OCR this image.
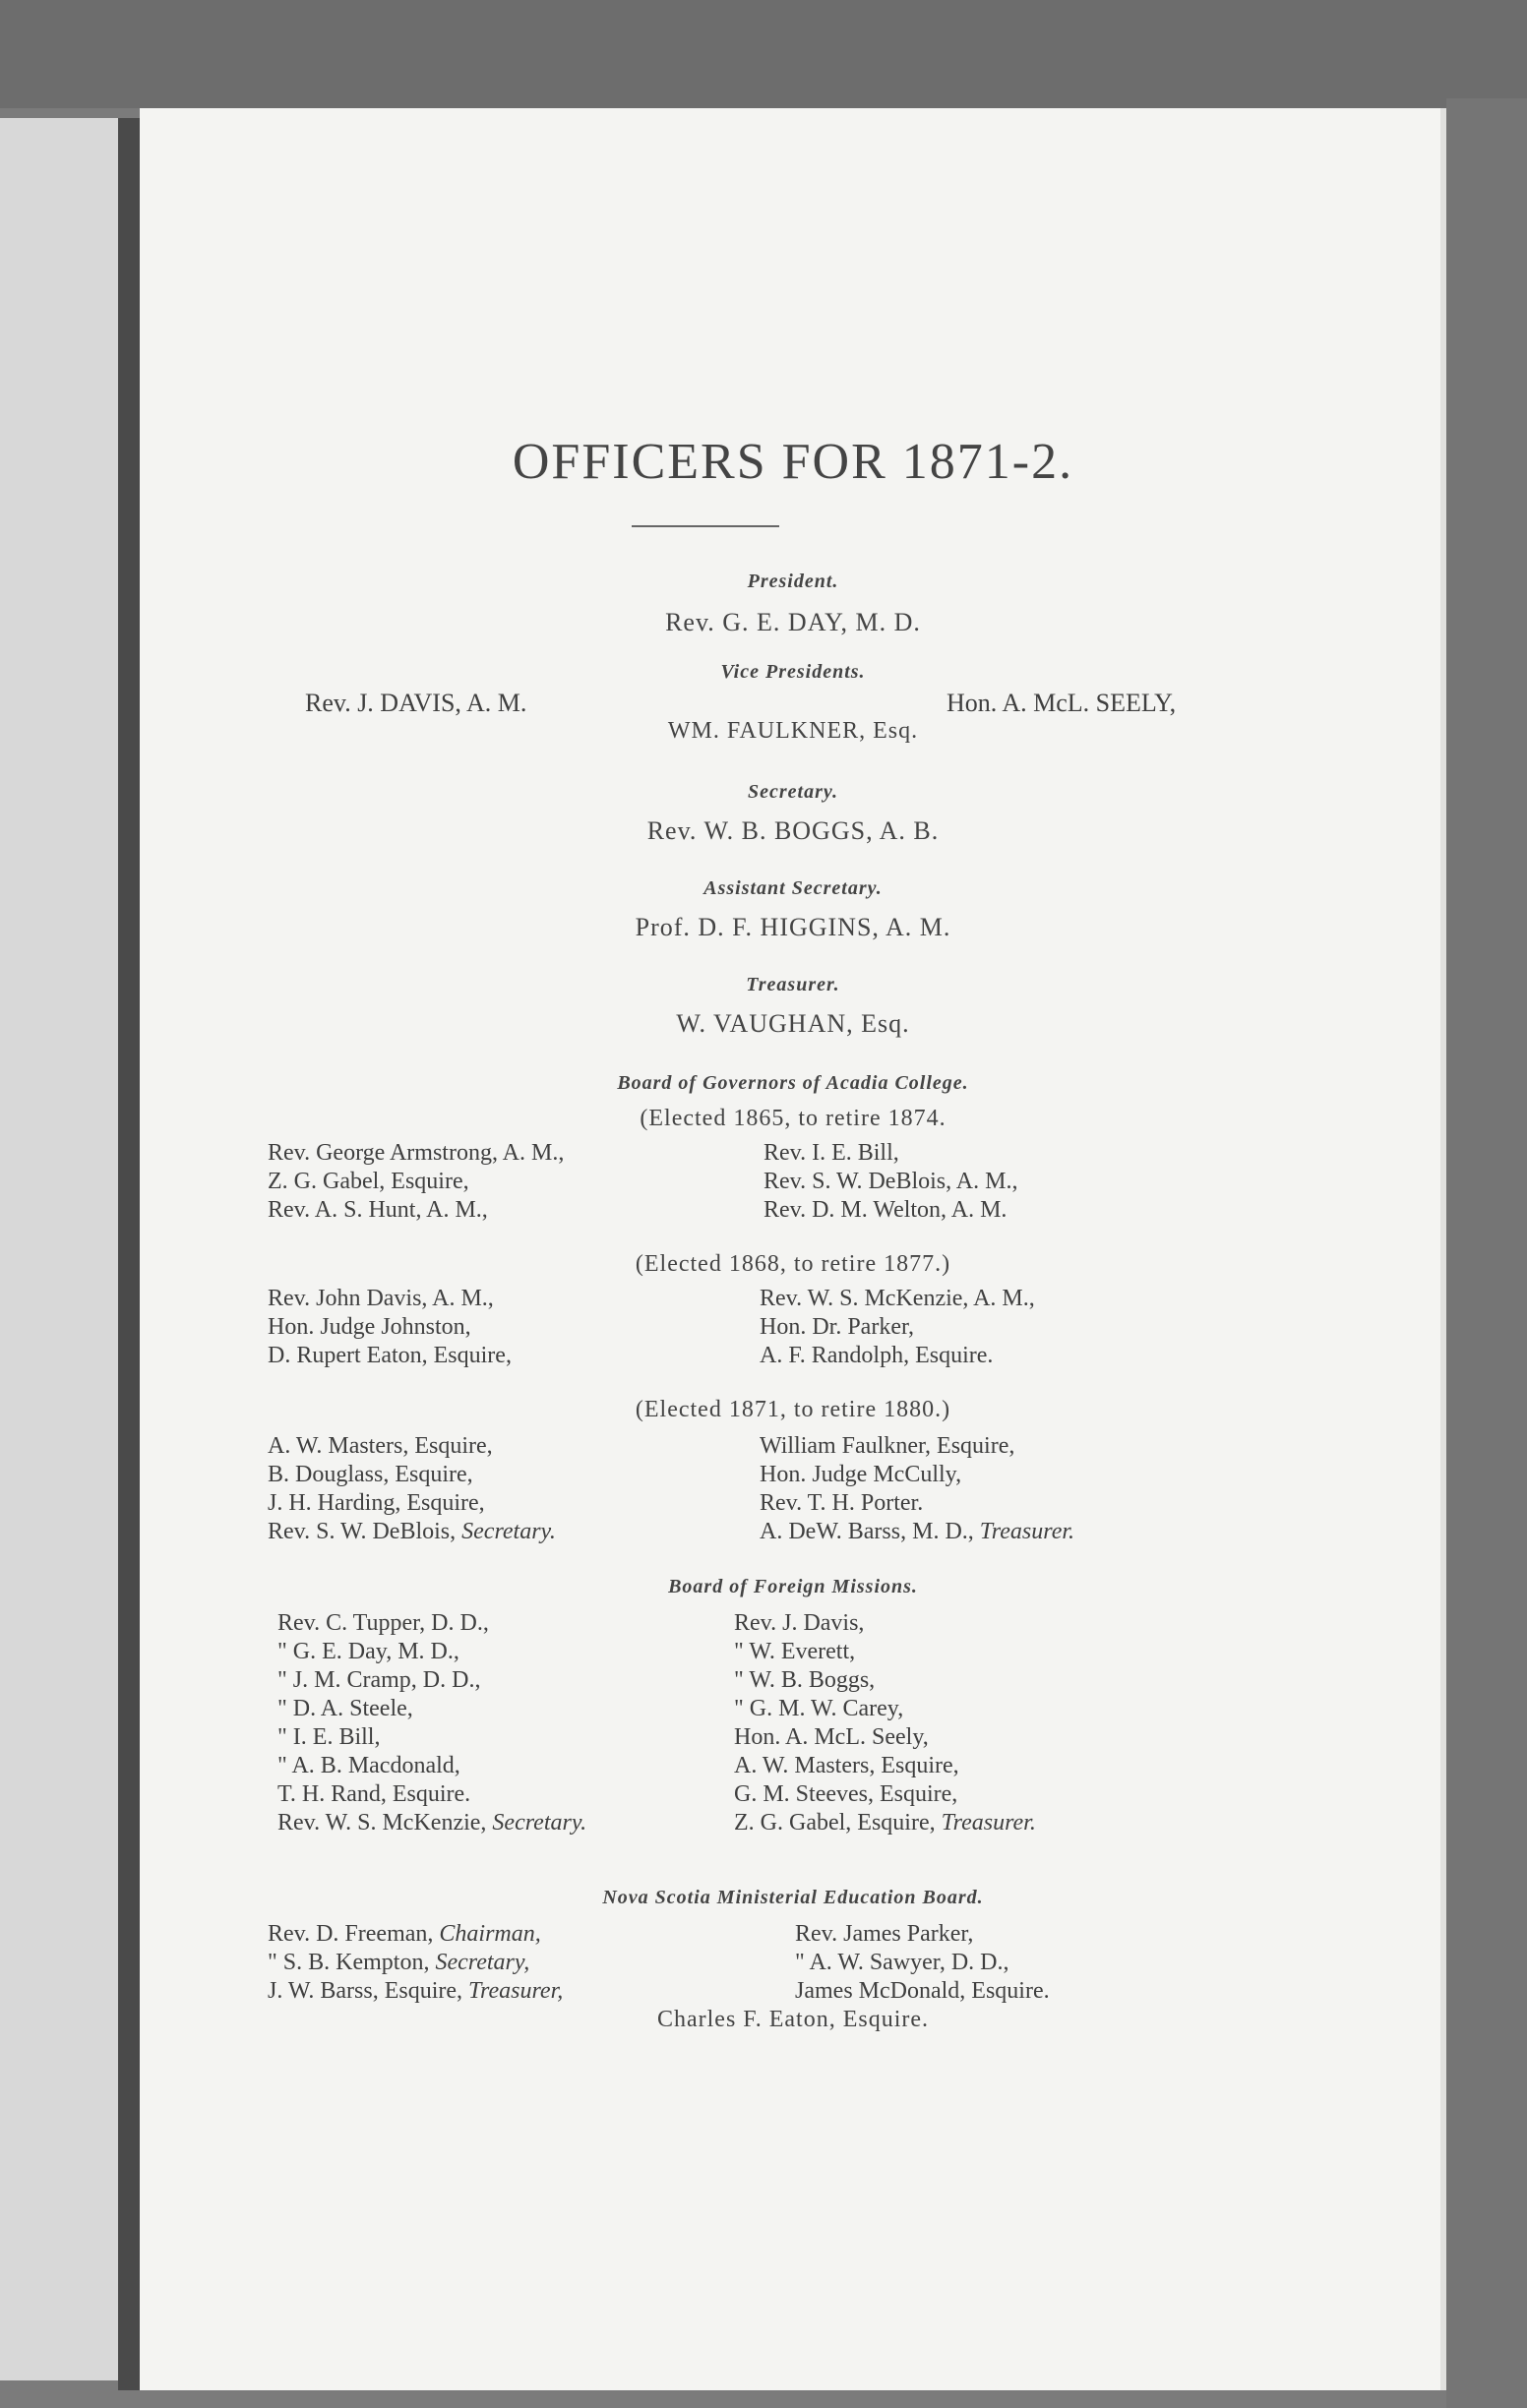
OFFICERS FOR 1871-2.
President.
Rev. G. E. DAY, M. D.
Vice Presidents.
Rev. J. DAVIS, A. M.	Hon. A. McL. SEELY,
WM. FAULKNER, Esq.
Secretary.
Rev. W. B. BOGGS, A. B.
Assistant Secretary.
Prof. D. F. HIGGINS, A. M.
Treasurer.
W. VAUGHAN, Esq.
Board of Governors of Acadia College.
(Elected 1865, to retire 1874.
Rev. George Armstrong, A. M.,
Z. G. Gabel, Esquire,
Rev. A. S. Hunt, A. M.,
Rev. I. E. Bill,
Rev. S. W. DeBlois, A. M.,
Rev. D. M. Welton, A. M.
(Elected 1868, to retire 1877.)
Rev. John Davis, A. M.,
Hon. Judge Johnston,
D. Rupert Eaton, Esquire,
Rev. W. S. McKenzie, A. M.,
Hon. Dr. Parker,
A. F. Randolph, Esquire.
(Elected 1871, to retire 1880.)
A. W. Masters, Esquire,
B. Douglass, Esquire,
J. H. Harding, Esquire,
Rev. S. W. DeBlois, Secretary.
William Faulkner, Esquire,
Hon. Judge McCully,
Rev. T. H. Porter.
A. DeW. Barss, M. D., Treasurer.
Board of Foreign Missions.
Rev. C. Tupper, D. D.,
" G. E. Day, M. D.,
" J. M. Cramp, D. D.,
" D. A. Steele,
" I. E. Bill,
" A. B. Macdonald,
T. H. Rand, Esquire.
Rev. W. S. McKenzie, Secretary.
Rev. J. Davis,
" W. Everett,
" W. B. Boggs,
" G. M. W. Carey,
Hon. A. McL. Seely,
A. W. Masters, Esquire,
G. M. Steeves, Esquire,
Z. G. Gabel, Esquire, Treasurer.
Nova Scotia Ministerial Education Board.
Rev. D. Freeman, Chairman,
" S. B. Kempton, Secretary,
J. W. Barss, Esquire, Treasurer,
Rev. James Parker,
" A. W. Sawyer, D. D.,
James McDonald, Esquire.
Charles F. Eaton, Esquire.
